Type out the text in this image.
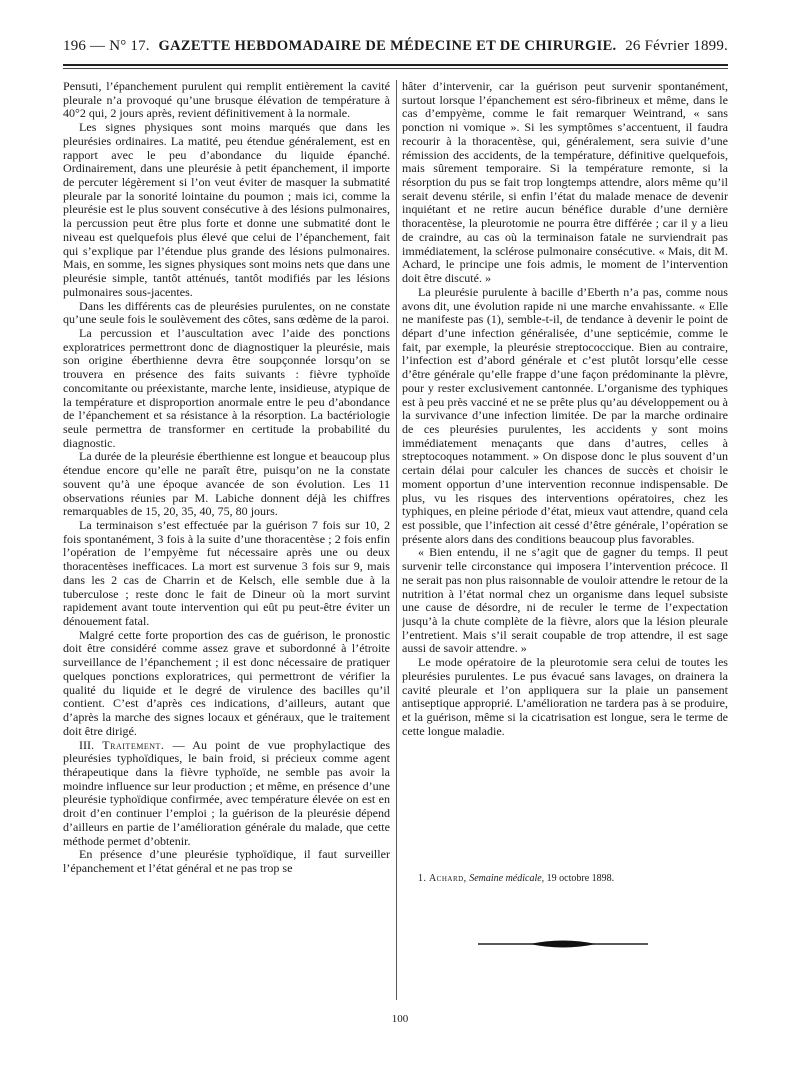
196 — N° 17. GAZETTE HEBDOMADAIRE DE MÉDECINE ET DE CHIRURGIE. 26 Février 1899.

Pensuti, l’épanchement purulent qui remplit entièrement la cavité pleurale n’a provoqué qu’une brusque élévation de température à 40°2 qui, 2 jours après, revient définitivement à la normale.

Les signes physiques sont moins marqués que dans les pleurésies ordinaires. La matité, peu étendue généralement, est en rapport avec le peu d’abondance du liquide épanché. Ordinairement, dans une pleurésie à petit épanchement, il importe de percuter légèrement si l’on veut éviter de masquer la submatité pleurale par la sonorité lointaine du poumon ; mais ici, comme la pleurésie est le plus souvent consécutive à des lésions pulmonaires, la percussion peut être plus forte et donne une submatité dont le niveau est quelquefois plus élevé que celui de l’épanchement, fait qui s’explique par l’étendue plus grande des lésions pulmonaires. Mais, en somme, les signes physiques sont moins nets que dans une pleurésie simple, tantôt atténués, tantôt modifiés par les lésions pulmonaires sous-jacentes.

Dans les différents cas de pleurésies purulentes, on ne constate qu’une seule fois le soulèvement des côtes, sans œdème de la paroi.

La percussion et l’auscultation avec l’aide des ponctions exploratrices permettront donc de diagnostiquer la pleurésie, mais son origine éberthienne devra être soupçonnée lorsqu’on se trouvera en présence des faits suivants : fièvre typhoïde concomitante ou préexistante, marche lente, insidieuse, atypique de la température et disproportion anormale entre le peu d’abondance de l’épanchement et sa résistance à la résorption. La bactériologie seule permettra de transformer en certitude la probabilité du diagnostic.

La durée de la pleurésie éberthienne est longue et beaucoup plus étendue encore qu’elle ne paraît être, puisqu’on ne la constate souvent qu’à une époque avancée de son évolution. Les 11 observations réunies par M. Labiche donnent déjà les chiffres remarquables de 15, 20, 35, 40, 75, 80 jours.

La terminaison s’est effectuée par la guérison 7 fois sur 10, 2 fois spontanément, 3 fois à la suite d’une thoracentèse ; 2 fois enfin l’opération de l’empyème fut nécessaire après une ou deux thoracentèses inefficaces. La mort est survenue 3 fois sur 9, mais dans les 2 cas de Charrin et de Kelsch, elle semble due à la tuberculose ; reste donc le fait de Dineur où la mort survint rapidement avant toute intervention qui eût pu peut-être éviter un dénouement fatal.

Malgré cette forte proportion des cas de guérison, le pronostic doit être considéré comme assez grave et subordonné à l’étroite surveillance de l’épanchement ; il est donc nécessaire de pratiquer quelques ponctions exploratrices, qui permettront de vérifier la qualité du liquide et le degré de virulence des bacilles qu’il contient. C’est d’après ces indications, d’ailleurs, autant que d’après la marche des signes locaux et généraux, que le traitement doit être dirigé.

III. Traitement. — Au point de vue prophylactique des pleurésies typhoïdiques, le bain froid, si précieux comme agent thérapeutique dans la fièvre typhoïde, ne semble pas avoir la moindre influence sur leur production ; et même, en présence d’une pleurésie typhoïdique confirmée, avec température élevée on est en droit d’en continuer l’emploi ; la guérison de la pleurésie dépend d’ailleurs en partie de l’amélioration générale du malade, que cette méthode permet d’obtenir.

En présence d’une pleurésie typhoïdique, il faut surveiller l’épanchement et l’état général et ne pas trop se

hâter d’intervenir, car la guérison peut survenir spontanément, surtout lorsque l’épanchement est séro-fibrineux et même, dans le cas d’empyème, comme le fait remarquer Weintrand, « sans ponction ni vomique ». Si les symptômes s’accentuent, il faudra recourir à la thoracentèse, qui, généralement, sera suivie d’une rémission des accidents, de la température, définitive quelquefois, mais sûrement temporaire. Si la température remonte, si la résorption du pus se fait trop longtemps attendre, alors même qu’il serait devenu stérile, si enfin l’état du malade menace de devenir inquiétant et ne retire aucun bénéfice durable d’une dernière thoracentèse, la pleurotomie ne pourra être différée ; car il y a lieu de craindre, au cas où la terminaison fatale ne surviendrait pas immédiatement, la sclérose pulmonaire consécutive. « Mais, dit M. Achard, le principe une fois admis, le moment de l’intervention doit être discuté. »

La pleurésie purulente à bacille d’Eberth n’a pas, comme nous avons dit, une évolution rapide ni une marche envahissante. « Elle ne manifeste pas (1), semble-t-il, de tendance à devenir le point de départ d’une infection généralisée, d’une septicémie, comme le fait, par exemple, la pleurésie streptococcique. Bien au contraire, l’infection est d’abord générale et c’est plutôt lorsqu’elle cesse d’être générale qu’elle frappe d’une façon prédominante la plèvre, pour y rester exclusivement cantonnée. L’organisme des typhiques est à peu près vacciné et ne se prête plus qu’au développement ou à la survivance d’une infection limitée. De par la marche ordinaire de ces pleurésies purulentes, les accidents y sont moins immédiatement menaçants que dans d’autres, celles à streptocoques notamment. » On dispose donc le plus souvent d’un certain délai pour calculer les chances de succès et choisir le moment opportun d’une intervention reconnue indispensable. De plus, vu les risques des interventions opératoires, chez les typhiques, en pleine période d’état, mieux vaut attendre, quand cela est possible, que l’infection ait cessé d’être générale, l’opération se présente alors dans des conditions beaucoup plus favorables.

« Bien entendu, il ne s’agit que de gagner du temps. Il peut survenir telle circonstance qui imposera l’intervention précoce. Il ne serait pas non plus raisonnable de vouloir attendre le retour de la nutrition à l’état normal chez un organisme dans lequel subsiste une cause de désordre, ni de reculer le terme de l’expectation jusqu’à la chute complète de la fièvre, alors que la lésion pleurale l’entretient. Mais s’il serait coupable de trop attendre, il est sage aussi de savoir attendre. »

Le mode opératoire de la pleurotomie sera celui de toutes les pleurésies purulentes. Le pus évacué sans lavages, on drainera la cavité pleurale et l’on appliquera sur la plaie un pansement antiseptique approprié. L’amélioration ne tardera pas à se produire, et la guérison, même si la cicatrisation est longue, sera le terme de cette longue maladie.

1. Achard, Semaine médicale, 19 octobre 1898.
100
